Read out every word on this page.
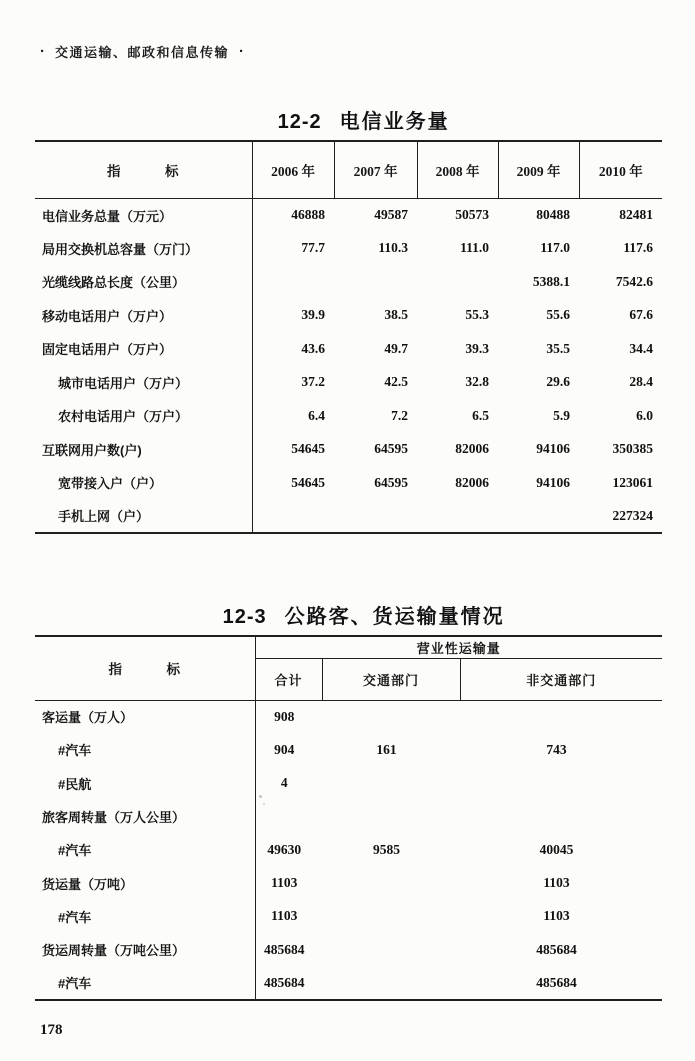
· 交通运输、邮政和信息传输 ·

12-2 电信业务量

指　　　标	2006 年	2007 年	2008 年	2009 年	2010 年
电信业务总量（万元）	46888	49587	50573	80488	82481
局用交换机总容量（万门）	77.7	110.3	111.0	117.0	117.6
光缆线路总长度（公里）				5388.1	7542.6
移动电话用户（万户）	39.9	38.5	55.3	55.6	67.6
固定电话用户（万户）	43.6	49.7	39.3	35.5	34.4
城市电话用户（万户）	37.2	42.5	32.8	29.6	28.4
农村电话用户（万户）	6.4	7.2	6.5	5.9	6.0
互联网用户数(户)	54645	64595	82006	94106	350385
宽带接入户（户）	54645	64595	82006	94106	123061
手机上网（户）					227324

12-3 公路客、货运输量情况

指　　　标	营业性运输量		
	合计	交通部门	非交通部门
客运量（万人）	908		
#汽车	904	161	743
#民航	4		
旅客周转量（万人公里）			
#汽车	49630	9585	40045
货运量（万吨）	1103		1103
#汽车	1103		1103
货运周转量（万吨公里）	485684		485684
#汽车	485684		485684
178
